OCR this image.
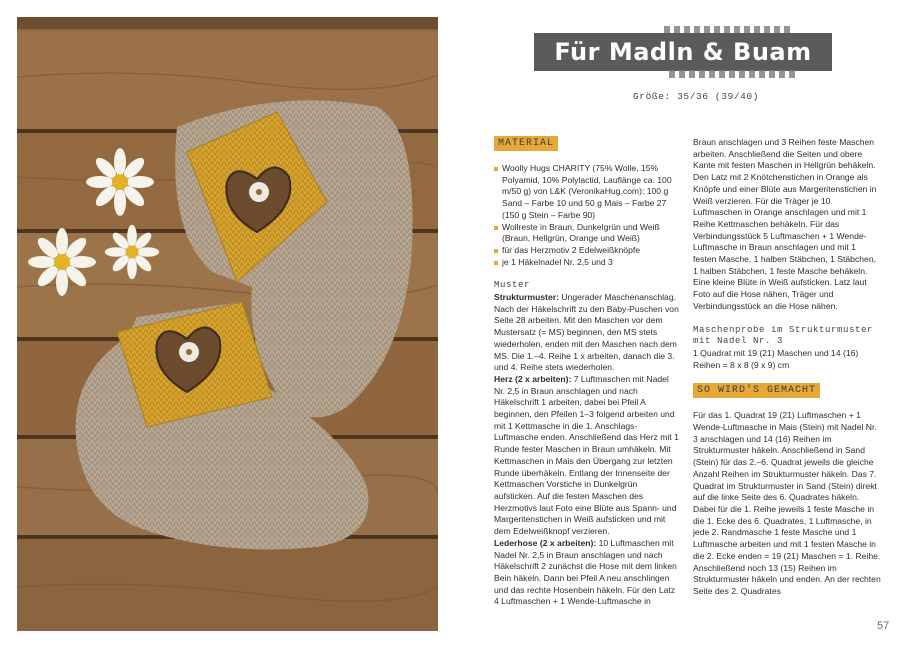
Für Madln & Buam
Größe: 35/36 (39/40)
MATERIAL
Woolly Hugs CHARITY (75% Wolle, 15% Polyamid, 10% Polylactid, Lauflänge ca. 100 m/50 g) von L&K (VeronikaHug.com): 100 g Sand – Farbe 10 und 50 g Mais – Farbe 27 (150 g Stein – Farbe 90)
Wollreste in Braun, Dunkelgrün und Weiß (Braun, Hellgrün, Orange und Weiß)
für das Herzmotiv 2 Edelweißknöpfe
je 1 Häkelnadel Nr. 2,5 und 3
Muster

Strukturmuster: Ungerader Maschenanschlag. Nach der Häkelschrift zu den Baby-Puschen von Seite 28 arbeiten. Mit den Maschen vor dem Mustersatz (= MS) beginnen, den MS stets wiederholen, enden mit den Maschen nach dem MS. Die 1.–4. Reihe 1 x arbeiten, danach die 3. und 4. Reihe stets wiederholen.

Herz (2 x arbeiten): 7 Luftmaschen mit Nadel Nr. 2,5 in Braun anschlagen und nach Häkelschrift 1 arbeiten, dabei bei Pfeil A beginnen, den Pfeilen 1–3 folgend arbeiten und mit 1 Kettmasche in die 1. Anschlags-Luftmasche enden. Anschließend das Herz mit 1 Runde fester Maschen in Braun umhäkeln. Mit Kettmaschen in Mais den Übergang zur letzten Runde überhäkeln. Entlang der Innenseite der Kettmaschen Vorstiche in Dunkelgrün aufsticken. Auf die festen Maschen des Herzmotivs laut Foto eine Blüte aus Spann- und Margeritenstichen in Weiß aufsticken und mit dem Edelweißknopf verzieren.

Lederhose (2 x arbeiten): 10 Luftmaschen mit Nadel Nr. 2,5 in Braun anschlagen und nach Häkelschrift 2 zunächst die Hose mit dem linken Bein häkeln. Dann bei Pfeil A neu anschlingen und das rechte Hosenbein häkeln. Für den Latz 4 Luftmaschen + 1 Wende-Luftmasche in

Braun anschlagen und 3 Reihen feste Maschen arbeiten. Anschließend die Seiten und obere Kante mit festen Maschen in Hellgrün behäkeln. Den Latz mit 2 Knötchenstichen in Orange als Knöpfe und einer Blüte aus Margeritenstichen in Weiß verzieren. Für die Träger je 10 Luftmaschen in Orange anschlagen und mit 1 Reihe Kettmaschen behäkeln. Für das Verbindungsstück 5 Luftmaschen + 1 Wende-Luftmasche in Braun anschlagen und mit 1 festen Masche, 1 halben Stäbchen, 1 Stäbchen, 1 halben Stäbchen, 1 feste Masche behäkeln. Eine kleine Blüte in Weiß aufsticken. Latz laut Foto auf die Hose nähen, Träger und Verbindungsstück an die Hose nähen.

Maschenprobe im Strukturmuster mit Nadel Nr. 3

1 Quadrat mit 19 (21) Maschen und 14 (16) Reihen = 8 x 8 (9 x 9) cm

SO WIRD'S GEMACHT

Für das 1. Quadrat 19 (21) Luftmaschen + 1 Wende-Luftmasche in Mais (Stein) mit Nadel Nr. 3 anschlagen und 14 (16) Reihen im Strukturmuster häkeln. Anschließend in Sand (Stein) für das 2.–6. Quadrat jeweils die gleiche Anzahl Reihen im Strukturmuster häkeln. Das 7. Quadrat im Strukturmuster in Sand (Stein) direkt auf die linke Seite des 6. Quadrates häkeln. Dabei für die 1. Reihe jeweils 1 feste Masche in die 1. Ecke des 6. Quadrates, 1 Luftmasche, in jede 2. Randmasche 1 feste Masche und 1 Luftmasche arbeiten und mit 1 festen Masche in die 2. Ecke enden = 19 (21) Maschen = 1. Reihe. Anschließend noch 13 (15) Reihen im Strukturmuster häkeln und enden. An der rechten Seite des 2. Quadrates

57
